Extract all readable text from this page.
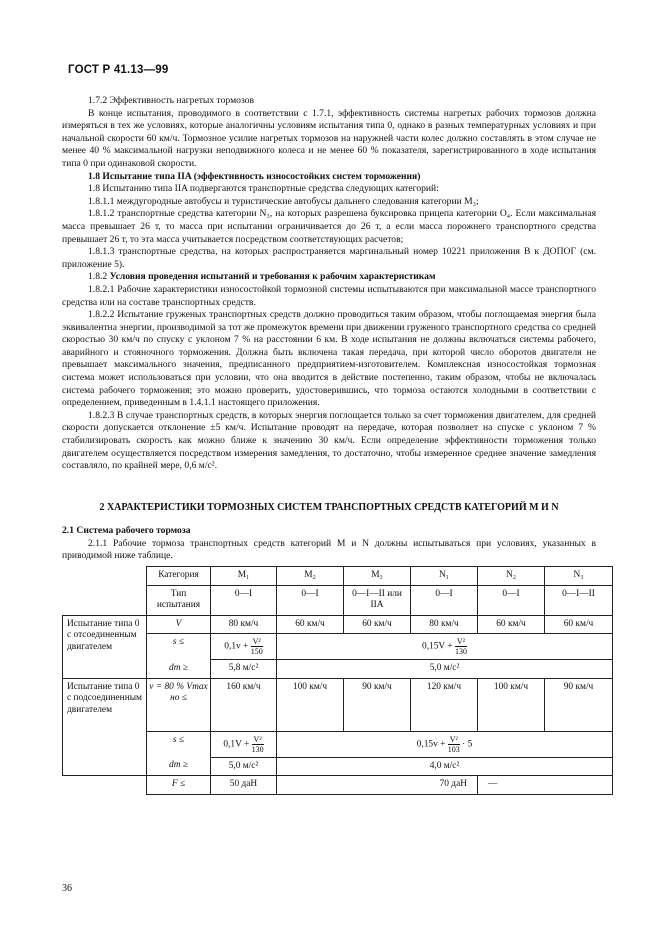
ГОСТ Р 41.13—99

1.7.2 Эффективность нагретых тормозов

В конце испытания, проводимого в соответствии с 1.7.1, эффективность системы нагретых рабочих тормозов должна измеряться в тех же условиях, которые аналогичны условиям испытания типа 0, однако в разных температурных условиях и при начальной скорости 60 км/ч. Тормозное усилие нагретых тормозов на наружней части колес должно составлять в этом случае не менее 40 % максимальной нагрузки неподвижного колеса и не менее 60 % показателя, зарегистрированного в ходе испытания типа 0 при одинаковой скорости.

1.8 Испытание типа IIA (эффективность износостойких систем торможения)

1.8 Испытанию типа IIA подвергаются транспортные средства следующих категорий:

1.8.1.1 междугородные автобусы и туристические автобусы дальнего следования категории M₃;

1.8.1.2 транспортные средства категории N₃, на которых разрешена буксировка прицепа категории O₄. Если максимальная масса превышает 26 т, то масса при испытании ограничивается до 26 т, а если масса порожнего транспортного средства превышает 26 т, то эта масса учитывается посредством соответствующих расчетов;

1.8.1.3 транспортные средства, на которых распространяется маргинальный номер 10221 приложения B к ДОПОГ (см. приложение 5).

1.8.2 Условия проведения испытаний и требования к рабочим характеристикам

1.8.2.1 Рабочие характеристики износостойкой тормозной системы испытываются при максимальной массе транспортного средства или на составе транспортных средств.

1.8.2.2 Испытание груженых транспортных средств должно проводиться таким образом, чтобы поглощаемая энергия была эквивалентна энергии, производимой за тот же промежуток времени при движении груженого транспортного средства со средней скоростью 30 км/ч по спуску с уклоном 7 % на расстоянии 6 км. В ходе испытания не должны включаться системы рабочего, аварийного и стояночного торможения. Должна быть включена такая передача, при которой число оборотов двигателя не превышает максимального значения, предписанного предприятием-изготовителем. Комплексная износостойкая тормозная система может использоваться при условии, что она вводится в действие постепенно, таким образом, чтобы не включалась система рабочего торможения; это можно проверить, удостоверившись, что тормоза остаются холодными в соответствии с определением, приведенным в 1.4.1.1 настоящего приложения.

1.8.2.3 В случае транспортных средств, в которых энергия поглощается только за счет торможения двигателем, для средней скорости допускается отклонение ±5 км/ч. Испытание проводят на передаче, которая позволяет на спуске с уклоном 7 % стабилизировать скорость как можно ближе к значению 30 км/ч. Если определение эффективности торможения только двигателем осуществляется посредством измерения замедления, то достаточно, чтобы измеренное среднее значение замедления составляло, по крайней мере, 0,6 м/с².

2 ХАРАКТЕРИСТИКИ ТОРМОЗНЫХ СИСТЕМ ТРАНСПОРТНЫХ СРЕДСТВ КАТЕГОРИЙ M И N

2.1 Система рабочего тормоза

2.1.1 Рабочие тормоза транспортных средств категорий M и N должны испытываться при условиях, указанных в приводимой ниже таблице.

	Категория	M₁	M₂	M₃	N₁	N₂	N₃	
	Тип испытания	0—I	0—I	0—I—II или IIA	0—I	0—I	0—I—II	
Испытание типа 0 с отсоединенным двигателем	V	80 км/ч	60 км/ч	60 км/ч	80 км/ч	60 км/ч	60 км/ч	
	s ≤	$0,1v + \frac{\text{V²}}{150}$	$0,15V + \frac{\text{V²}}{130}$

	dm ≥	5,8 м/с²	5,0 м/с²					
Испытание типа 0 с подсоединенным двигателем	v = 80 % Vmax но ≤	160 км/ч	100 км/ч	90 км/ч	120 км/ч	100 км/ч	90 км/ч	
	s ≤	$0,1V + \frac{\text{V²}}{130}$	$0,15v + \frac{\text{V²}}{103} \cdot 5$					
	dm ≥	5,0 м/с²	4,0 м/с²					
	F ≤	50 даН	70 даН			—		
36
